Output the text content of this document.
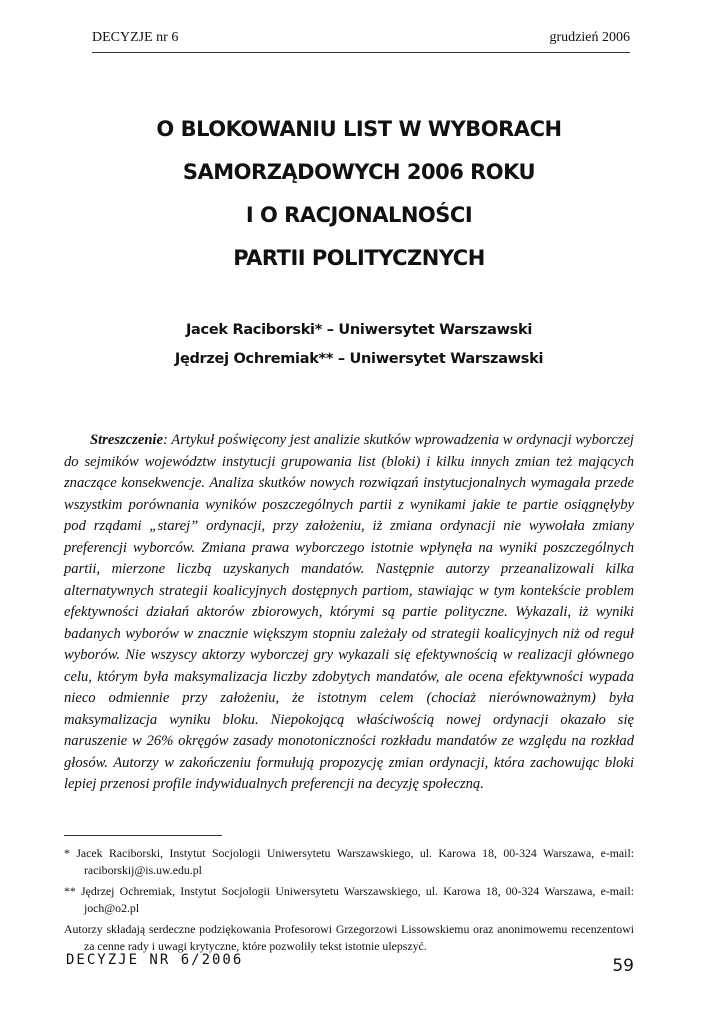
DECYZJE nr 6	grudzień 2006
O BLOKOWANIU LIST W WYBORACH
SAMORZĄDOWYCH 2006 ROKU
I O RACJONALNOŚCI
PARTII POLITYCZNYCH
Jacek Raciborski* – Uniwersytet Warszawski
Jędrzej Ochremiak** – Uniwersytet Warszawski

Streszczenie: Artykuł poświęcony jest analizie skutków wprowadzenia w ordynacji wyborczej do sejmików województw instytucji grupowania list (bloki) i kilku innych zmian też mających znaczące konsekwencje. Analiza skutków nowych rozwiązań instytucjonalnych wymagała przede wszystkim porównania wyników poszczególnych partii z wynikami jakie te partie osiągnęłyby pod rządami „starej” ordynacji, przy założeniu, iż zmiana ordynacji nie wywołała zmiany preferencji wyborców. Zmiana prawa wyborczego istotnie wpłynęła na wyniki poszczególnych partii, mierzone liczbą uzyskanych mandatów. Następnie autorzy przeanalizowali kilka alternatywnych strategii koalicyjnych dostępnych partiom, stawiając w tym kontekście problem efektywności działań aktorów zbiorowych, którymi są partie polityczne. Wykazali, iż wyniki badanych wyborów w znacznie większym stopniu zależały od strategii koalicyjnych niż od reguł wyborów. Nie wszyscy aktorzy wyborczej gry wykazali się efektywnością w realizacji głównego celu, którym była maksymalizacja liczby zdobytych mandatów, ale ocena efektywności wypada nieco odmiennie przy założeniu, że istotnym celem (chociaż nierównoważnym) była maksymalizacja wyniku bloku. Niepokojącą właściwością nowej ordynacji okazało się naruszenie w 26% okręgów zasady monotoniczności rozkładu mandatów ze względu na rozkład głosów. Autorzy w zakończeniu formułują propozycję zmian ordynacji, która zachowując bloki lepiej przenosi profile indywidualnych preferencji na decyzję społeczną.

* Jacek Raciborski, Instytut Socjologii Uniwersytetu Warszawskiego, ul. Karowa 18, 00-324 Warszawa, e-mail: raciborskij@is.uw.edu.pl

** Jędrzej Ochremiak, Instytut Socjologii Uniwersytetu Warszawskiego, ul. Karowa 18, 00-324 Warszawa, e-mail: joch@o2.pl

Autorzy składają serdeczne podziękowania Profesorowi Grzegorzowi Lissowskiemu oraz anonimowemu recenzentowi za cenne rady i uwagi krytyczne, które pozwoliły tekst istotnie ulepszyć.

DECYZJE NR 6/2006	59
